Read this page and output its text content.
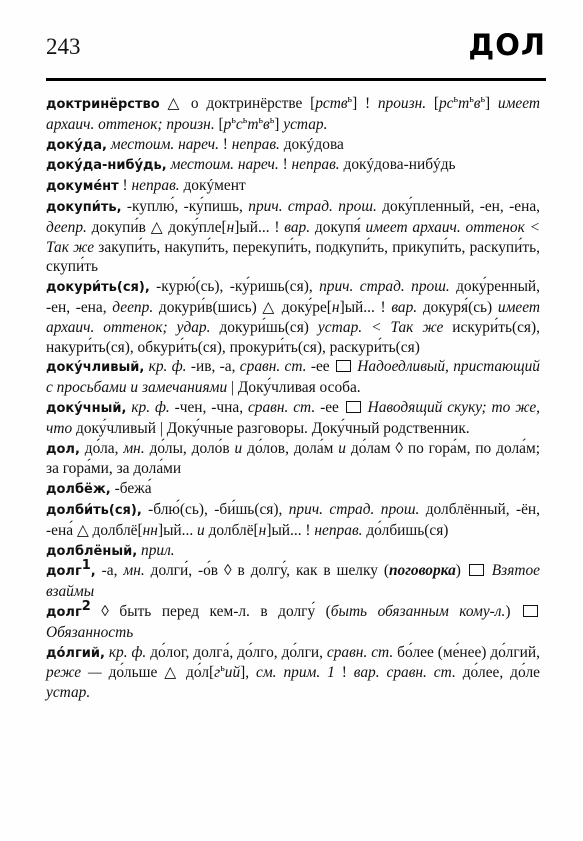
243	ДОЛ

доктринёрство △ о доктринёрстве [рств$^ь$] ! произн. $[рс^ьт^ьв^ь]$ имеет архаич. оттенок; произн. $[р^ьс^ьт^ьв^ь]$ устар.

доку́да, местоим. нареч. ! неправ. докýдова

доку́да-нибу́дь, местоим. нареч. ! неправ. докýдова-нибýдь

докуме́нт ! неправ. докýмент

докупи́ть, -куплю́, -ку́пишь, прич. страд. прош. доку́пленный, -ен, -ена, деепр. докупи́в △ доку́пле[н]ый... ! вар. докупя́ имеет архаич. оттенок < Так же закупи́ть, накупи́ть, перекупи́ть, подкупи́ть, прикупи́ть, раскупи́ть, скупи́ть

докури́ть(ся), -курю́(сь), -ку́ришь(ся), прич. страд. прош. доку́ренный, -ен, -ена, деепр. докури́в(шись) △ доку́ре[н]ый... ! вар. докуря́(сь) имеет архаич. оттенок; удар. докури́шь(ся) устар. < Так же искури́ть(ся), накури́ть(ся), обкури́ть(ся), прокури́ть(ся), раскури́ть(ся)

доку́чливый, кр. ф. -ив, -а, сравн. ст. -ее  Надоедливый, пристающий с просьбами и замечаниями | Доку́чливая особа.

доку́чный, кр. ф. -чен, -чна, сравн. ст. -ее  Наводящий скуку; то же, что доку́чливый | Доку́чные разговоры. Доку́чный родственник.

дол, до́ла, мн. до́лы, доло́в и до́лов, дола́м и до́лам ◊ по гора́м, по дола́м; за гора́ми, за дола́ми

долбёж, -бежа́

долби́ть(ся), -блю́(сь), -би́шь(ся), прич. страд. прош. долблённый, -ён, -ена́ △ долблё[нн]ый... и долблё[н]ый... ! неправ. до́лбишь(ся)

долблёный, прил.

долг$^1$, -а, мн. долги́, -о́в ◊ в долгу́, как в шелку (поговорка)  Взятое взаймы

долг$^2$ ◊ быть перед кем-л. в долгу́ (быть обязанным кому-л.)  Обязанность

до́лгий, кр. ф. до́лог, долга́, до́лго, до́лги, сравн. ст. бо́лее (ме́нее) до́лгий, реже — до́льше △ $до́л[г^ьий]$, см. прим. 1 ! вар. сравн. ст. до́лее, до́ле устар.
